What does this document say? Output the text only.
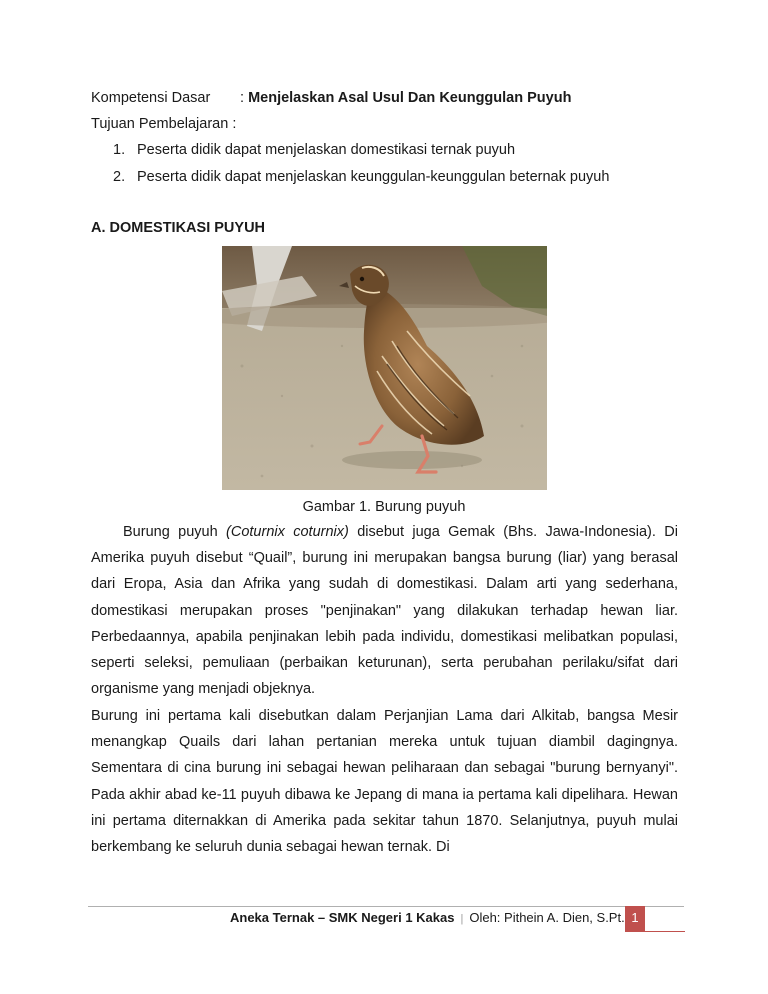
Kompetensi Dasar : Menjelaskan Asal Usul Dan Keunggulan Puyuh
Tujuan Pembelajaran :
1. Peserta didik dapat menjelaskan domestikasi ternak puyuh
2. Peserta didik dapat menjelaskan keunggulan-keunggulan beternak puyuh
A. DOMESTIKASI PUYUH
Gambar 1. Burung puyuh

Burung puyuh (Coturnix coturnix) disebut juga Gemak (Bhs. Jawa-Indonesia). Di Amerika puyuh disebut “Quail”, burung ini merupakan bangsa burung (liar) yang berasal dari Eropa, Asia dan Afrika yang sudah di domestikasi. Dalam arti yang sederhana, domestikasi merupakan proses "penjinakan" yang dilakukan terhadap hewan liar. Perbedaannya, apabila penjinakan lebih pada individu, domestikasi melibatkan populasi, seperti seleksi, pemuliaan (perbaikan keturunan), serta perubahan perilaku/sifat dari organisme yang menjadi objeknya.

Burung ini pertama kali disebutkan dalam Perjanjian Lama dari Alkitab, bangsa Mesir menangkap Quails dari lahan pertanian mereka untuk tujuan diambil dagingnya. Sementara di cina burung ini sebagai hewan peliharaan dan sebagai "burung bernyanyi". Pada akhir abad ke-11 puyuh dibawa ke Jepang di mana ia pertama kali dipelihara. Hewan ini pertama diternakkan di Amerika pada sekitar tahun 1870. Selanjutnya, puyuh mulai berkembang ke seluruh dunia sebagai hewan ternak. Di

Aneka Ternak – SMK Negeri 1 Kakas | Oleh: Pithein A. Dien, S.Pt. 1
